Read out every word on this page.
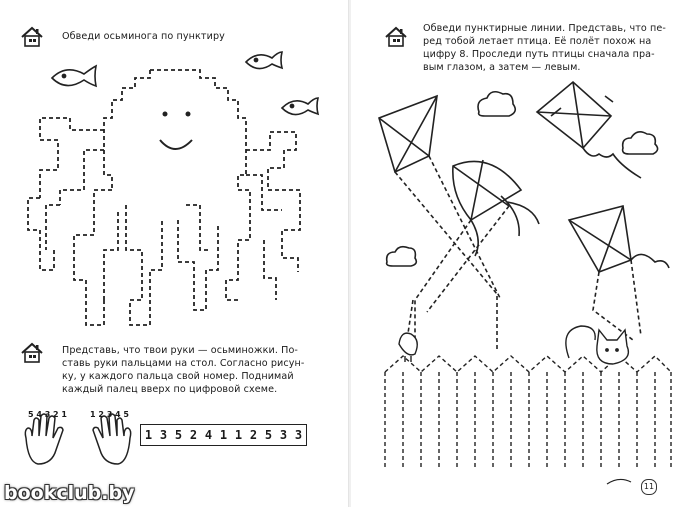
Обведи осьминога по пунктиру
Представь, что твои руки — осьминожки. По-
ставь руки пальцами на стол. Согласно рисун-
ку, у каждого пальца свой номер. Поднимай
каждый палец вверх по цифровой схеме.
5 4 3 2 1	1 2 3 4 5
1 3 5 2 4 1 1 2 5 3 3
bookclub.by
Обведи пунктирные линии. Представь, что пе-
ред тобой летает птица. Её полёт похож на
цифру 8. Проследи путь птицы сначала пра-
вым глазом, а затем — левым.
11
